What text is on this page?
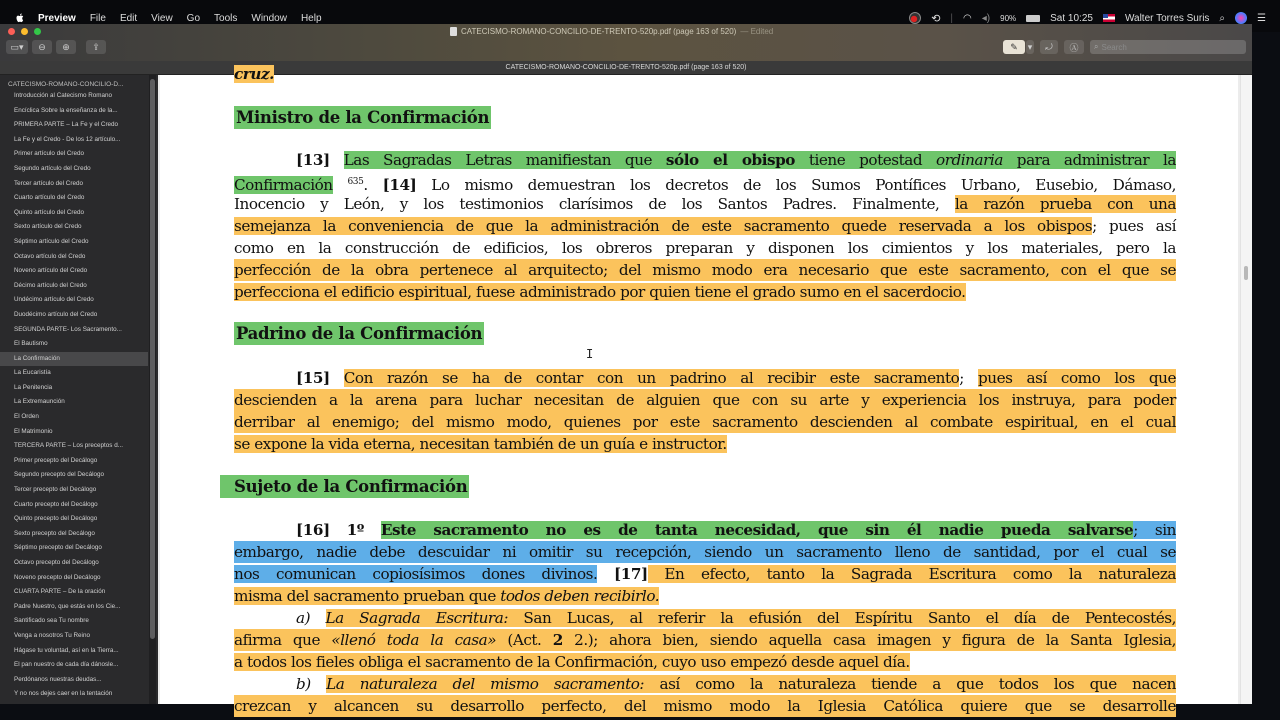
Preview File Edit View Go Tools Window Help	⟲ | ◠ ◂) 90%	Sat 10:25	Walter Torres Suris ⌕	☰
CATECISMO-ROMANO-CONCILIO-DE-TRENTO-520p.pdf (page 163 of 520) — Edited
▭▾	⊖	⊕	⇪	✎	▾	⤾	Ⓐ	⌕ Search
CATECISMO-ROMANO-CONCILIO-DE-TRENTO-520p.pdf (page 163 of 520)
CATECISMO-ROMANO-CONCILIO-D...
Introducción al Catecismo Romano
Encíclica Sobre la enseñanza de la...
PRIMERA PARTE – La Fe y el Credo
La Fe y el Credo - De los 12 artículo...
Primer artículo del Credo
Segundo artículo del Credo
Tercer artículo del Credo
Cuarto artículo del Credo
Quinto artículo del Credo
Sexto artículo del Credo
Séptimo artículo del Credo
Octavo artículo del Credo
Noveno artículo del Credo
Décimo artículo del Credo
Undécimo artículo del Credo
Duodécimo artículo del Credo
SEGUNDA PARTE- Los Sacramento...
El Bautismo
La Confirmación
La Eucaristía
La Penitencia
La Extremaunción
El Orden
El Matrimonio
TERCERA PARTE – Los preceptos d...
Primer precepto del Decálogo
Segundo precepto del Decálogo
Tercer precepto del Decálogo
Cuarto precepto del Decálogo
Quinto precepto del Decálogo
Sexto precepto del Decálogo
Séptimo precepto del Decálogo
Octavo precepto del Decálogo
Noveno precepto del Decálogo
CUARTA PARTE – De la oración
Padre Nuestro, que estás en los Cie...
Santificado sea Tu nombre
Venga a nosotros Tu Reino
Hágase tu voluntad, así en la Tierra...
El pan nuestro de cada día dánosle...
Perdónanos nuestras deudas...
Y no nos dejes caer en la tentación
cruz.
Ministro de la Confirmación
[13] Las Sagradas Letras manifiestan que sólo el obispo tiene potestad ordinaria para administrar la
Confirmación $^{635}$. [14] Lo mismo demuestran los decretos de los Sumos Pontífices Urbano, Eusebio, Dámaso,
Inocencio y León, y los testimonios clarísimos de los Santos Padres. Finalmente, la razón prueba con una
semejanza la conveniencia de que la administración de este sacramento quede reservada a los obispos; pues así
como en la construcción de edificios, los obreros preparan y disponen los cimientos y los materiales, pero la
perfección de la obra pertenece al arquitecto; del mismo modo era necesario que este sacramento, con el que se
perfecciona el edificio espiritual, fuese administrado por quien tiene el grado sumo en el sacerdocio.
Padrino de la Confirmación
[15] Con razón se ha de contar con un padrino al recibir este sacramento; pues así como los que
descienden a la arena para luchar necesitan de alguien que con su arte y experiencia los instruya, para poder
derribar al enemigo; del mismo modo, quienes por este sacramento descienden al combate espiritual, en el cual
se expone la vida eterna, necesitan también de un guía e instructor.
Sujeto de la Confirmación
[16] 1º Este sacramento no es de tanta necesidad, que sin él nadie pueda salvarse; sin
embargo, nadie debe descuidar ni omitir su recepción, siendo un sacramento lleno de santidad, por el cual se
nos comunican copiosísimos dones divinos. [17] En efecto, tanto la Sagrada Escritura como la naturaleza
misma del sacramento prueban que todos deben recibirlo.
a) La Sagrada Escritura: San Lucas, al referir la efusión del Espíritu Santo el día de Pentecostés,
afirma que «llenó toda la casa» (Act. 2 2.); ahora bien, siendo aquella casa imagen y figura de la Santa Iglesia,
a todos los fieles obliga el sacramento de la Confirmación, cuyo uso empezó desde aquel día.
b) La naturaleza del mismo sacramento: así como la naturaleza tiende a que todos los que nacen
crezcan y alcancen su desarrollo perfecto, del mismo modo la Iglesia Católica quiere que se desarrolle
I
